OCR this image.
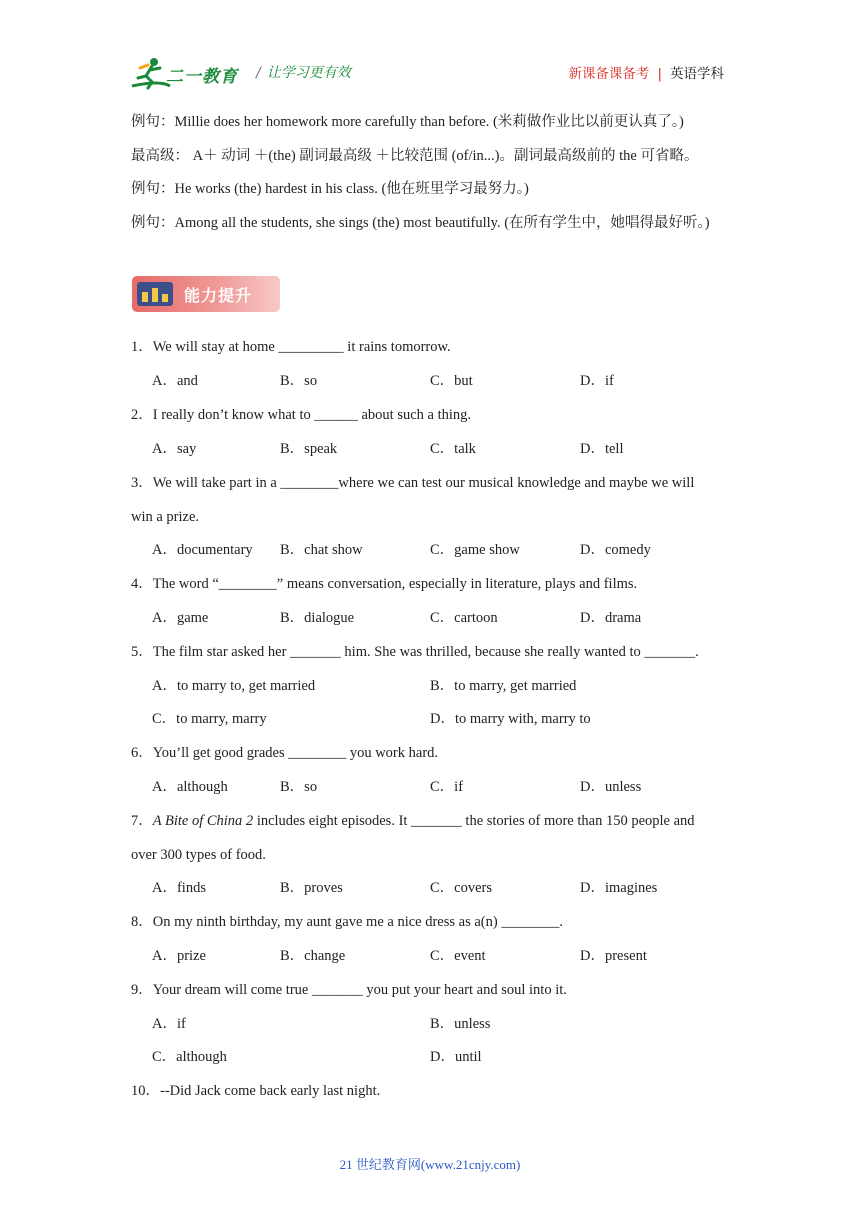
二一教育 / 让学习更有效	新课备课备考 | 英语学科
例句：Millie does her homework more carefully than before. (米莉做作业比以前更认真了。)
最高级： A＋ 动词 ＋(the) 副词最高级 ＋比较范围 (of/in...)。副词最高级前的 the 可省略。
例句：He works (the) hardest in his class. (他在班里学习最努力。)
例句：Among all the students, she sings (the) most beautifully. (在所有学生中，她唱得最好听。)
能力提升
1．We will stay at home _________ it rains tomorrow.
A．and	B．so	C．but	D．if
2．I really don’t know what to ______ about such a thing.
A．say	B．speak	C．talk	D．tell
3．We will take part in a ________where we can test our musical knowledge and maybe we will
win a prize.
A．documentary B．chat show	C．game show	D．comedy
4．The word “________” means conversation, especially in literature, plays and films.
A．game	B．dialogue	C．cartoon	D．drama
5．The film star asked her _______ him. She was thrilled, because she really wanted to _______.
A．to marry to, get married	B．to marry, get married
C．to marry, marry	D．to marry with, marry to
6．You’ll get good grades ________ you work hard.
A．although	B．so	C．if	D．unless
7．A Bite of China 2 includes eight episodes. It _______ the stories of more than 150 people and
over 300 types of food.
A．finds	B．proves	C．covers	D．imagines
8．On my ninth birthday, my aunt gave me a nice dress as a(n) ________.
A．prize	B．change	C．event	D．present
9．Your dream will come true _______ you put your heart and soul into it.
A．if	B．unless
C．although	D．until
10．--Did Jack come back early last night.
21 世纪教育网(www.21cnjy.com)
